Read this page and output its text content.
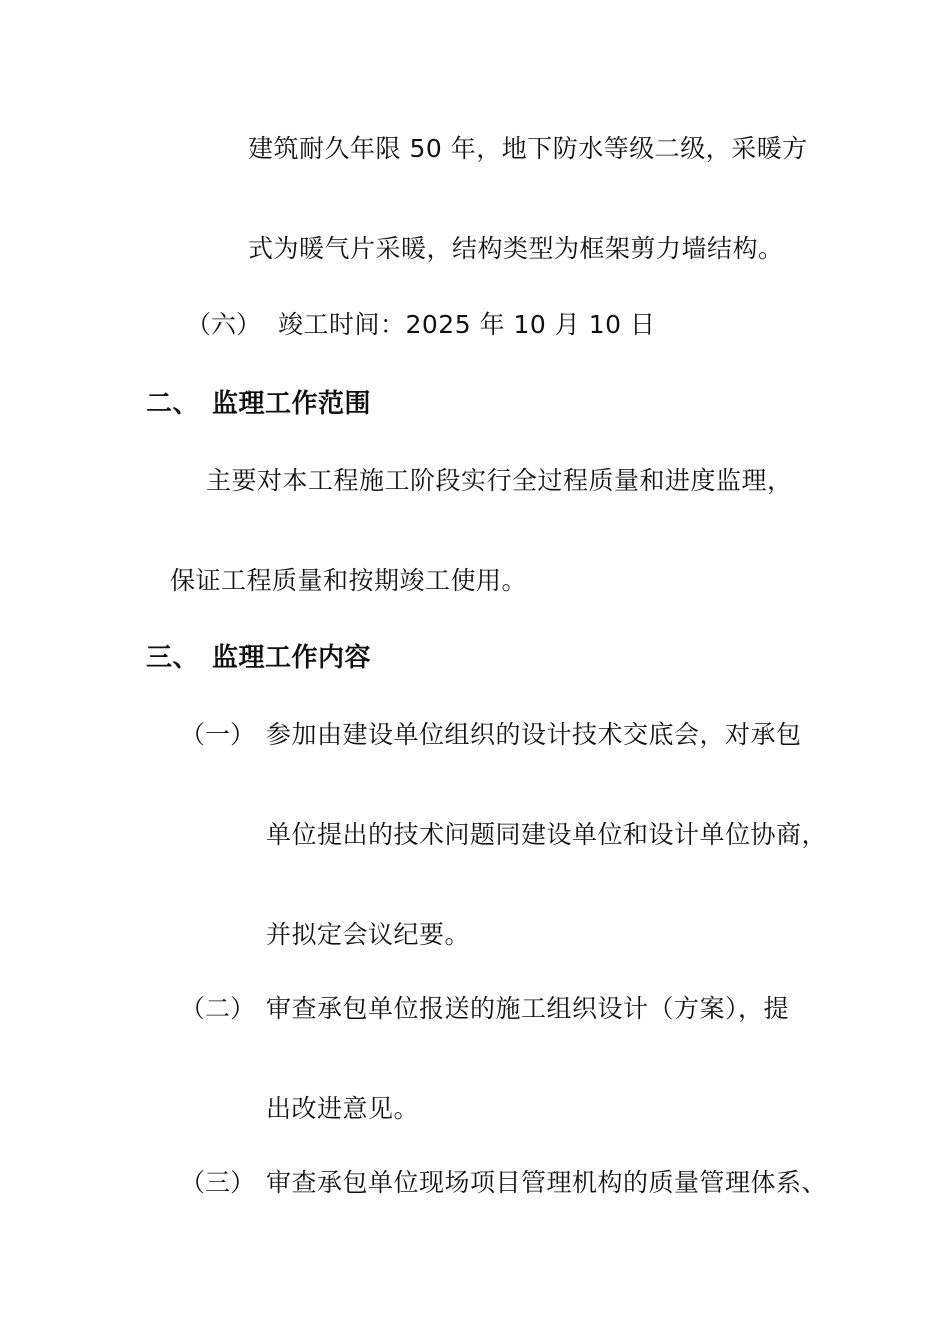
建筑耐久年限 50 年，地下防水等级二级，采暖方
式为暖气片采暖，结构类型为框架剪力墙结构。
（六） 竣工时间：2025 年 10 月 10 日
二、 监理工作范围
主要对本工程施工阶段实行全过程质量和进度监理，
保证工程质量和按期竣工使用。
三、 监理工作内容
（一） 参加由建设单位组织的设计技术交底会，对承包
单位提出的技术问题同建设单位和设计单位协商，
并拟定会议纪要。
（二） 审查承包单位报送的施工组织设计（方案），提
出改进意见。
（三） 审查承包单位现场项目管理机构的质量管理体系、
